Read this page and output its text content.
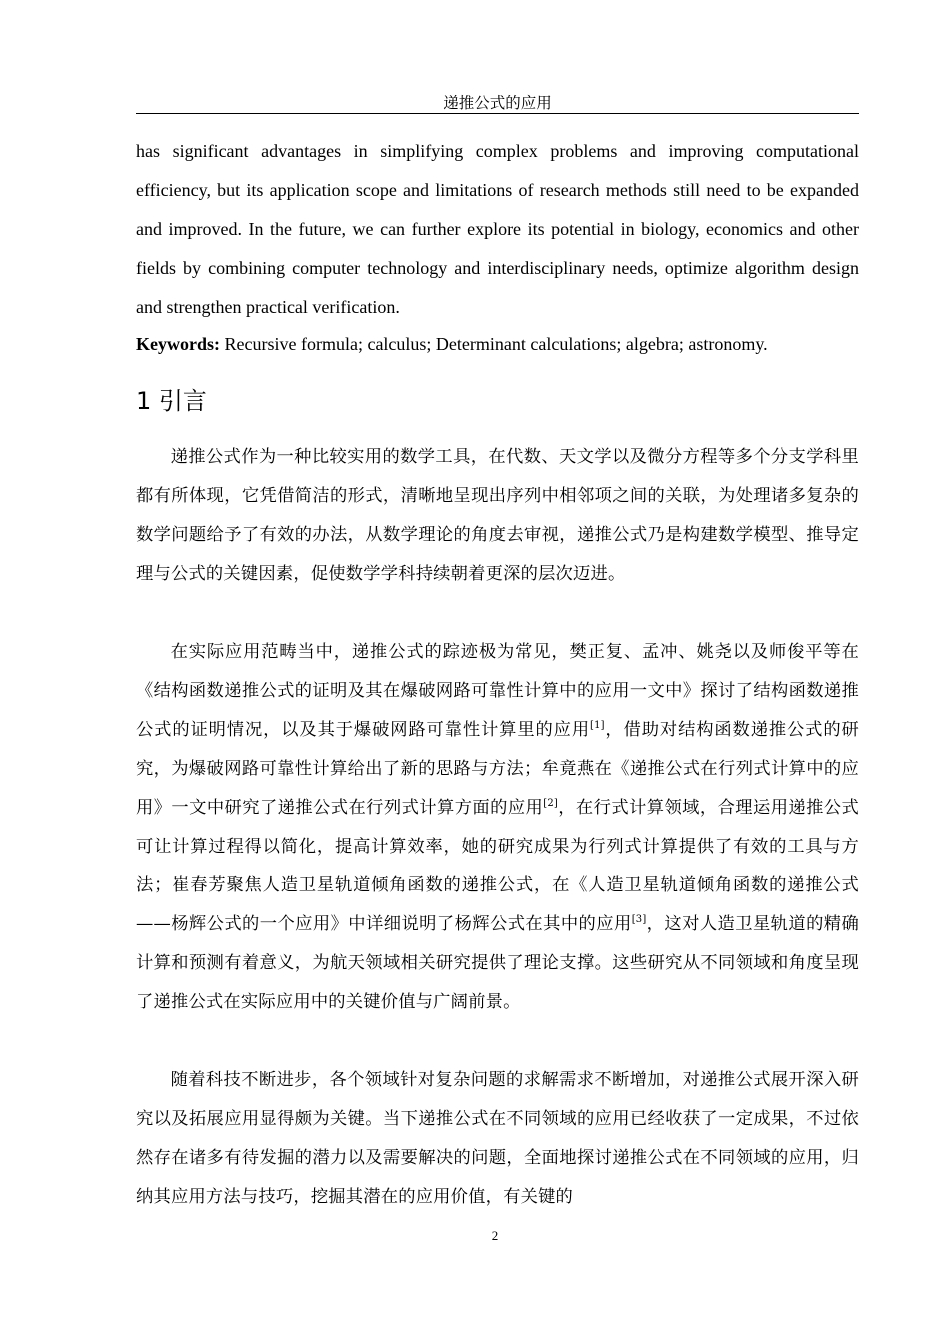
递推公式的应用
has significant advantages in simplifying complex problems and improving computational efficiency, but its application scope and limitations of research methods still need to be expanded and improved. In the future, we can further explore its potential in biology, economics and other fields by combining computer technology and interdisciplinary needs, optimize algorithm design and strengthen practical verification.
Keywords: Recursive formula; calculus; Determinant calculations; algebra; astronomy.
1 引言
递推公式作为一种比较实用的数学工具，在代数、天文学以及微分方程等多个分支学科里都有所体现，它凭借简洁的形式，清晰地呈现出序列中相邻项之间的关联，为处理诸多复杂的数学问题给予了有效的办法，从数学理论的角度去审视，递推公式乃是构建数学模型、推导定理与公式的关键因素，促使数学学科持续朝着更深的层次迈进。
在实际应用范畴当中，递推公式的踪迹极为常见，樊正复、孟冲、姚尧以及师俊平等在《结构函数递推公式的证明及其在爆破网路可靠性计算中的应用一文中》探讨了结构函数递推公式的证明情况，以及其于爆破网路可靠性计算里的应用[1]，借助对结构函数递推公式的研究，为爆破网路可靠性计算给出了新的思路与方法；牟竟燕在《递推公式在行列式计算中的应用》一文中研究了递推公式在行列式计算方面的应用[2]，在行式计算领域，合理运用递推公式可让计算过程得以简化，提高计算效率，她的研究成果为行列式计算提供了有效的工具与方法；崔春芳聚焦人造卫星轨道倾角函数的递推公式，在《人造卫星轨道倾角函数的递推公式——杨辉公式的一个应用》中详细说明了杨辉公式在其中的应用[3]，这对人造卫星轨道的精确计算和预测有着意义，为航天领域相关研究提供了理论支撑。这些研究从不同领域和角度呈现了递推公式在实际应用中的关键价值与广阔前景。
随着科技不断进步，各个领域针对复杂问题的求解需求不断增加，对递推公式展开深入研究以及拓展应用显得颇为关键。当下递推公式在不同领域的应用已经收获了一定成果，不过依然存在诸多有待发掘的潜力以及需要解决的问题，全面地探讨递推公式在不同领域的应用，归纳其应用方法与技巧，挖掘其潜在的应用价值，有关键的
2
